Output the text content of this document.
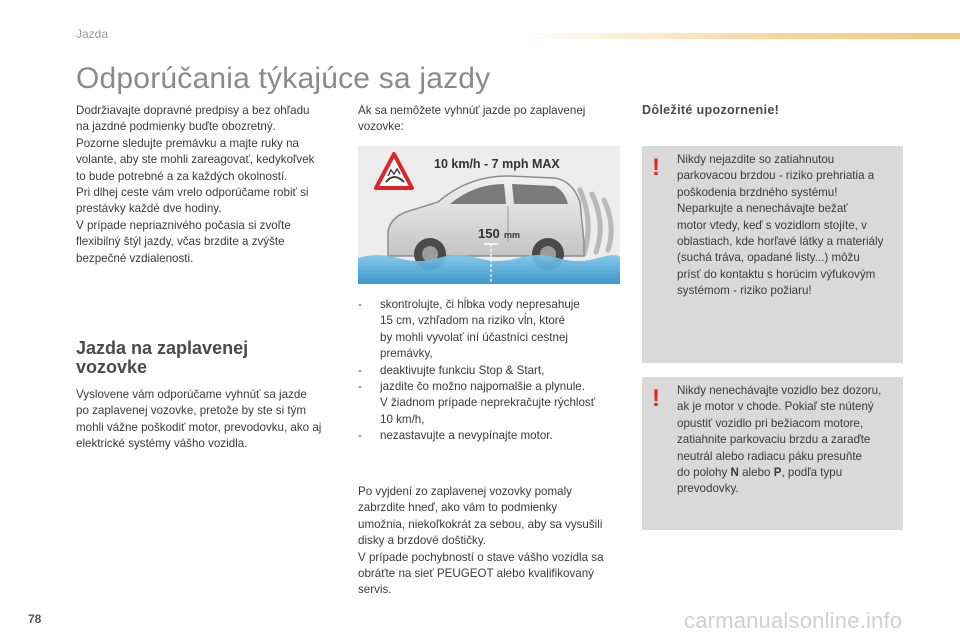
Jazda
Odporúčania týkajúce sa jazdy

Dodržiavajte dopravné predpisy a bez ohľadu

na jazdné podmienky buďte obozretný.

Pozorne sledujte premávku a majte ruky na

volante, aby ste mohli zareagovať, kedykoľvek

to bude potrebné a za každých okolností.

Pri dlhej ceste vám vrelo odporúčame robiť si

prestávky každé dve hodiny.

V prípade nepriaznivého počasia si zvoľte

flexibilný štýl jazdy, včas brzdite a zvýšte

bezpečné vzdialenosti.

Jazda na zaplavenej
vozovke

Vyslovene vám odporúčame vyhnúť sa jazde

po zaplavenej vozovke, pretože by ste si tým

mohli vážne poškodiť motor, prevodovku, ako aj

elektrické systémy vášho vozidla.

Ak sa nemôžete vyhnúť jazde po zaplavenej

vozovke:

10 km/h - 7 mph MAX
150 mm
-	skontrolujte, či hĺbka vody nepresahuje

15 cm, vzhľadom na riziko vĺn, ktoré

by mohli vyvolať iní účastníci cestnej

premávky,

-	deaktivujte funkciu Stop & Start,

-	jazdite čo možno najpomalšie a plynule.

V žiadnom prípade neprekračujte rýchlosť

10 km/h,

-	nezastavujte a nevypínajte motor.

Po vyjdení zo zaplavenej vozovky pomaly

zabrzdite hneď, ako vám to podmienky

umožnia, niekoľkokrát za sebou, aby sa vysušili

disky a brzdové doštičky.

V prípade pochybností o stave vášho vozidla sa

obráťte na sieť PEUGEOT alebo kvalifikovaný

servis.

Dôležité upozornenie!
! Nikdy nejazdite so zatiahnutou

parkovacou brzdou - riziko prehriatia a

poškodenia brzdného systému!

Neparkujte a nenechávajte bežať

motor vtedy, keď s vozidlom stojíte, v

oblastiach, kde horľavé látky a materiály

(suchá tráva, opadané listy...) môžu

prísť do kontaktu s horúcim výfukovým

systémom - riziko požiaru!

! Nikdy nenechávajte vozidlo bez dozoru,

ak je motor v chode. Pokiaľ ste nútený

opustiť vozidlo pri bežiacom motore,

zatiahnite parkovaciu brzdu a zaraďte

neutrál alebo radiacu páku presuňte

do polohy N alebo P, podľa typu

prevodovky.

78	carmanualsonline.info
